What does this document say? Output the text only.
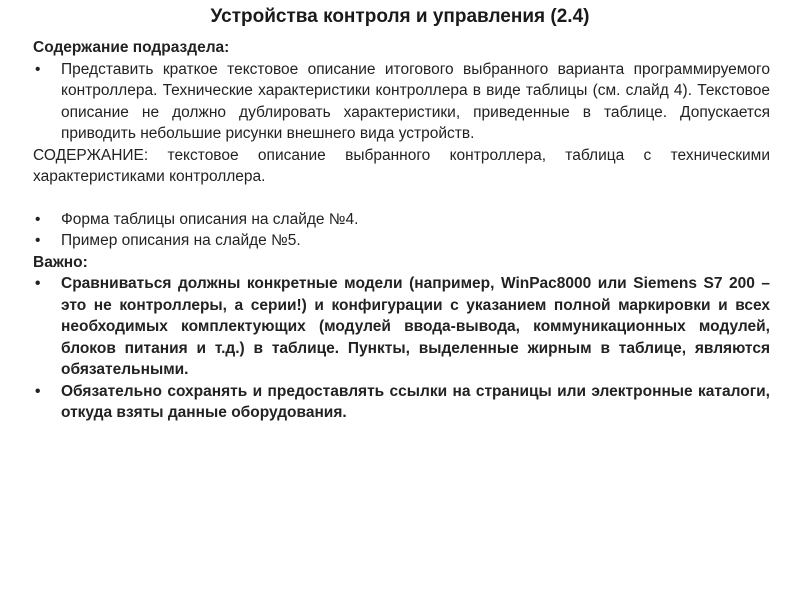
Устройства контроля и управления (2.4)
Содержание подраздела:
•	Представить краткое текстовое описание итогового выбранного варианта программируемого контроллера. Технические характеристики контроллера в виде таблицы (см. слайд 4). Текстовое описание не должно дублировать характеристики, приведенные в таблице. Допускается приводить небольшие рисунки внешнего вида устройств.
СОДЕРЖАНИЕ: текстовое описание выбранного контроллера, таблица с техническими характеристиками контроллера.
•	Форма таблицы описания на слайде №4.
•	Пример описания на слайде №5.
Важно:
•	Сравниваться должны конкретные модели (например, WinPac8000 или Siemens S7 200 – это не контроллеры, а серии!) и конфигурации с указанием полной маркировки и всех необходимых комплектующих (модулей ввода-вывода, коммуникационных модулей, блоков питания и т.д.) в таблице. Пункты, выделенные жирным в таблице, являются обязательными.
•	Обязательно сохранять и предоставлять ссылки на страницы или электронные каталоги, откуда взяты данные оборудования.
